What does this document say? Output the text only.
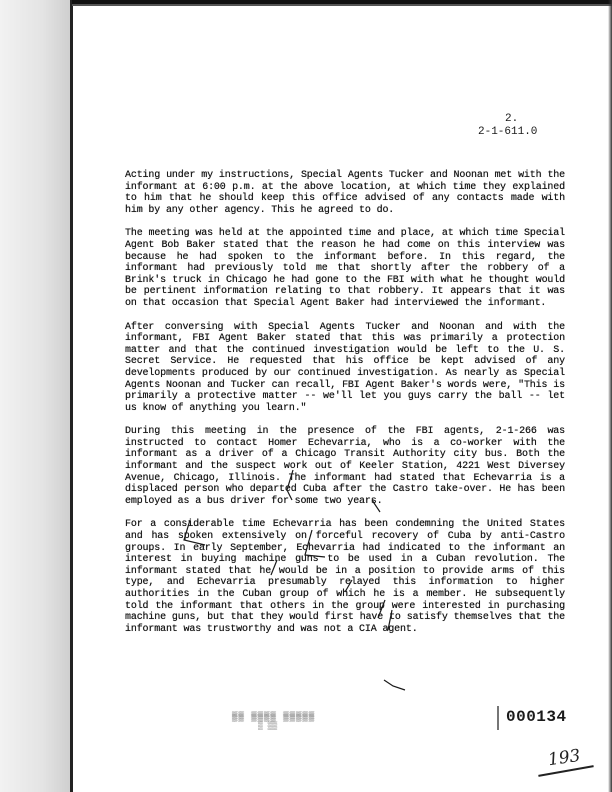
2.
2-1-611.0

Acting under my instructions, Special Agents Tucker and Noonan met with the informant at 6:00 p.m. at the above location, at which time they explained to him that he should keep this office advised of any contacts made with him by any other agency. This he agreed to do.

The meeting was held at the appointed time and place, at which time Special Agent Bob Baker stated that the reason he had come on this interview was because he had spoken to the informant before. In this regard, the informant had previously told me that shortly after the robbery of a Brink's truck in Chicago he had gone to the FBI with what he thought would be pertinent information relating to that robbery. It appears that it was on that occasion that Special Agent Baker had interviewed the informant.

After conversing with Special Agents Tucker and Noonan and with the informant, FBI Agent Baker stated that this was primarily a protection matter and that the continued investigation would be left to the U. S. Secret Service. He requested that his office be kept advised of any developments produced by our continued investigation. As nearly as Special Agents Noonan and Tucker can recall, FBI Agent Baker's words were, "This is primarily a protective matter -- we'll let you guys carry the ball -- let us know of anything you learn."

During this meeting in the presence of the FBI agents, 2-1-266 was instructed to contact Homer Echevarria, who is a co-worker with the informant as a driver of a Chicago Transit Authority city bus. Both the informant and the suspect work out of Keeler Station, 4221 West Diversey Avenue, Chicago, Illinois. The informant had stated that Echevarria is a displaced person who departed Cuba after the Castro take-over. He has been employed as a bus driver for some two years.

For a considerable time Echevarria has been condemning the United States and has spoken extensively on forceful recovery of Cuba by anti-Castro groups. In early September, Echevarria had indicated to the informant an interest in buying machine guns to be used in a Cuban revolution. The informant stated that he would be in a position to provide arms of this type, and Echevarria presumably relayed this information to higher authorities in the Cuban group of which he is a member. He subsequently told the informant that others in the group were interested in purchasing machine guns, but that they would first have to satisfy themselves that the informant was trustworthy and was not a CIA agent.

▒▒ ▒▒▒▒ ▒▒▒▒▒
▒ ▒▒
000134
193
